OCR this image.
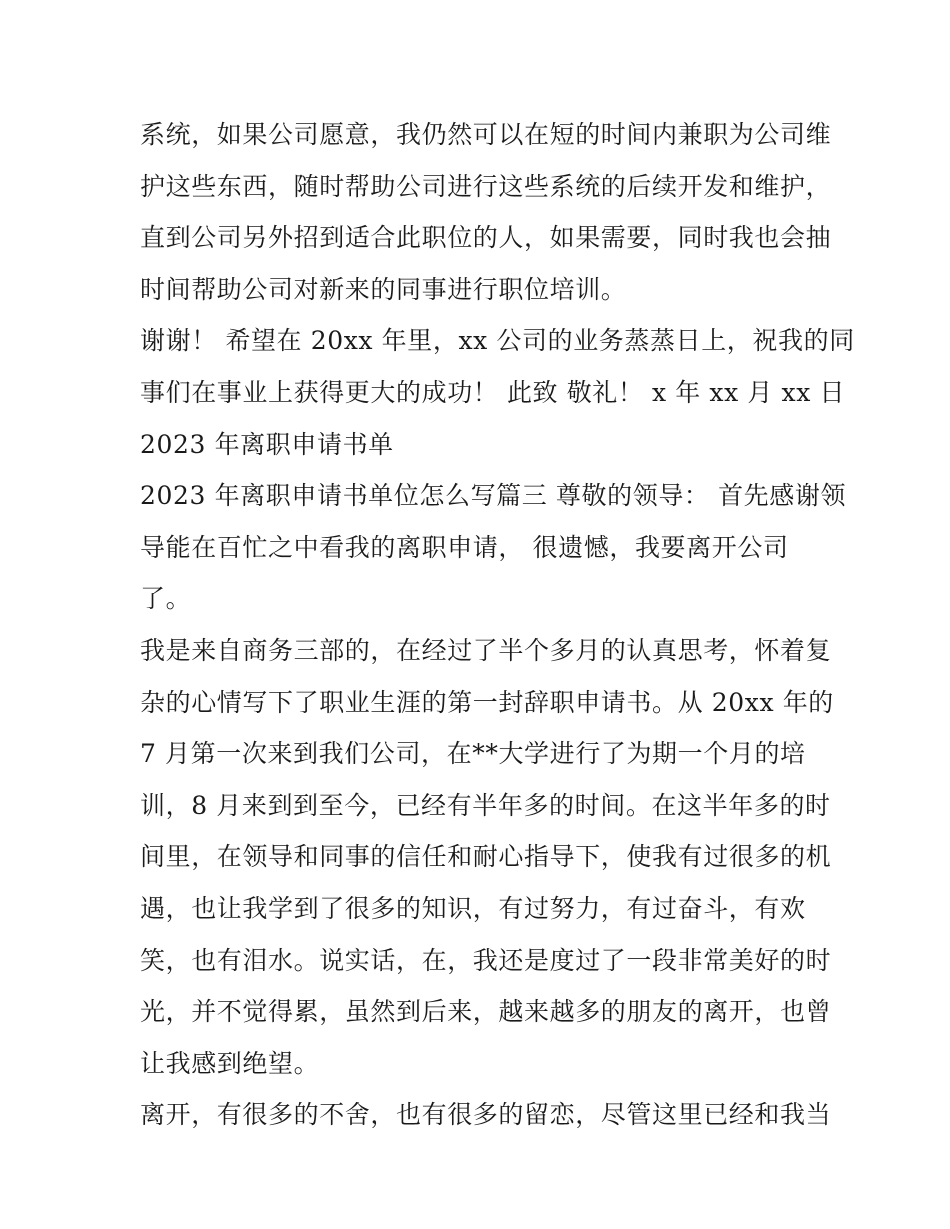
系统，如果公司愿意，我仍然可以在短的时间内兼职为公司维
护这些东西，随时帮助公司进行这些系统的后续开发和维护，
直到公司另外招到适合此职位的人，如果需要，同时我也会抽
时间帮助公司对新来的同事进行职位培训。
谢谢！ 希望在 20xx 年里，xx 公司的业务蒸蒸日上，祝我的同
事们在事业上获得更大的成功！ 此致 敬礼！ x 年 xx 月 xx 日
2023 年离职申请书单
2023 年离职申请书单位怎么写篇三 尊敬的领导： 首先感谢领
导能在百忙之中看我的离职申请， 很遗憾，我要离开公司
了。
我是来自商务三部的，在经过了半个多月的认真思考，怀着复
杂的心情写下了职业生涯的第一封辞职申请书。从 20xx 年的
7 月第一次来到我们公司，在**大学进行了为期一个月的培
训，8 月来到到至今，已经有半年多的时间。在这半年多的时
间里，在领导和同事的信任和耐心指导下，使我有过很多的机
遇，也让我学到了很多的知识，有过努力，有过奋斗，有欢
笑，也有泪水。说实话，在，我还是度过了一段非常美好的时
光，并不觉得累，虽然到后来，越来越多的朋友的离开，也曾
让我感到绝望。
离开，有很多的不舍，也有很多的留恋，尽管这里已经和我当
